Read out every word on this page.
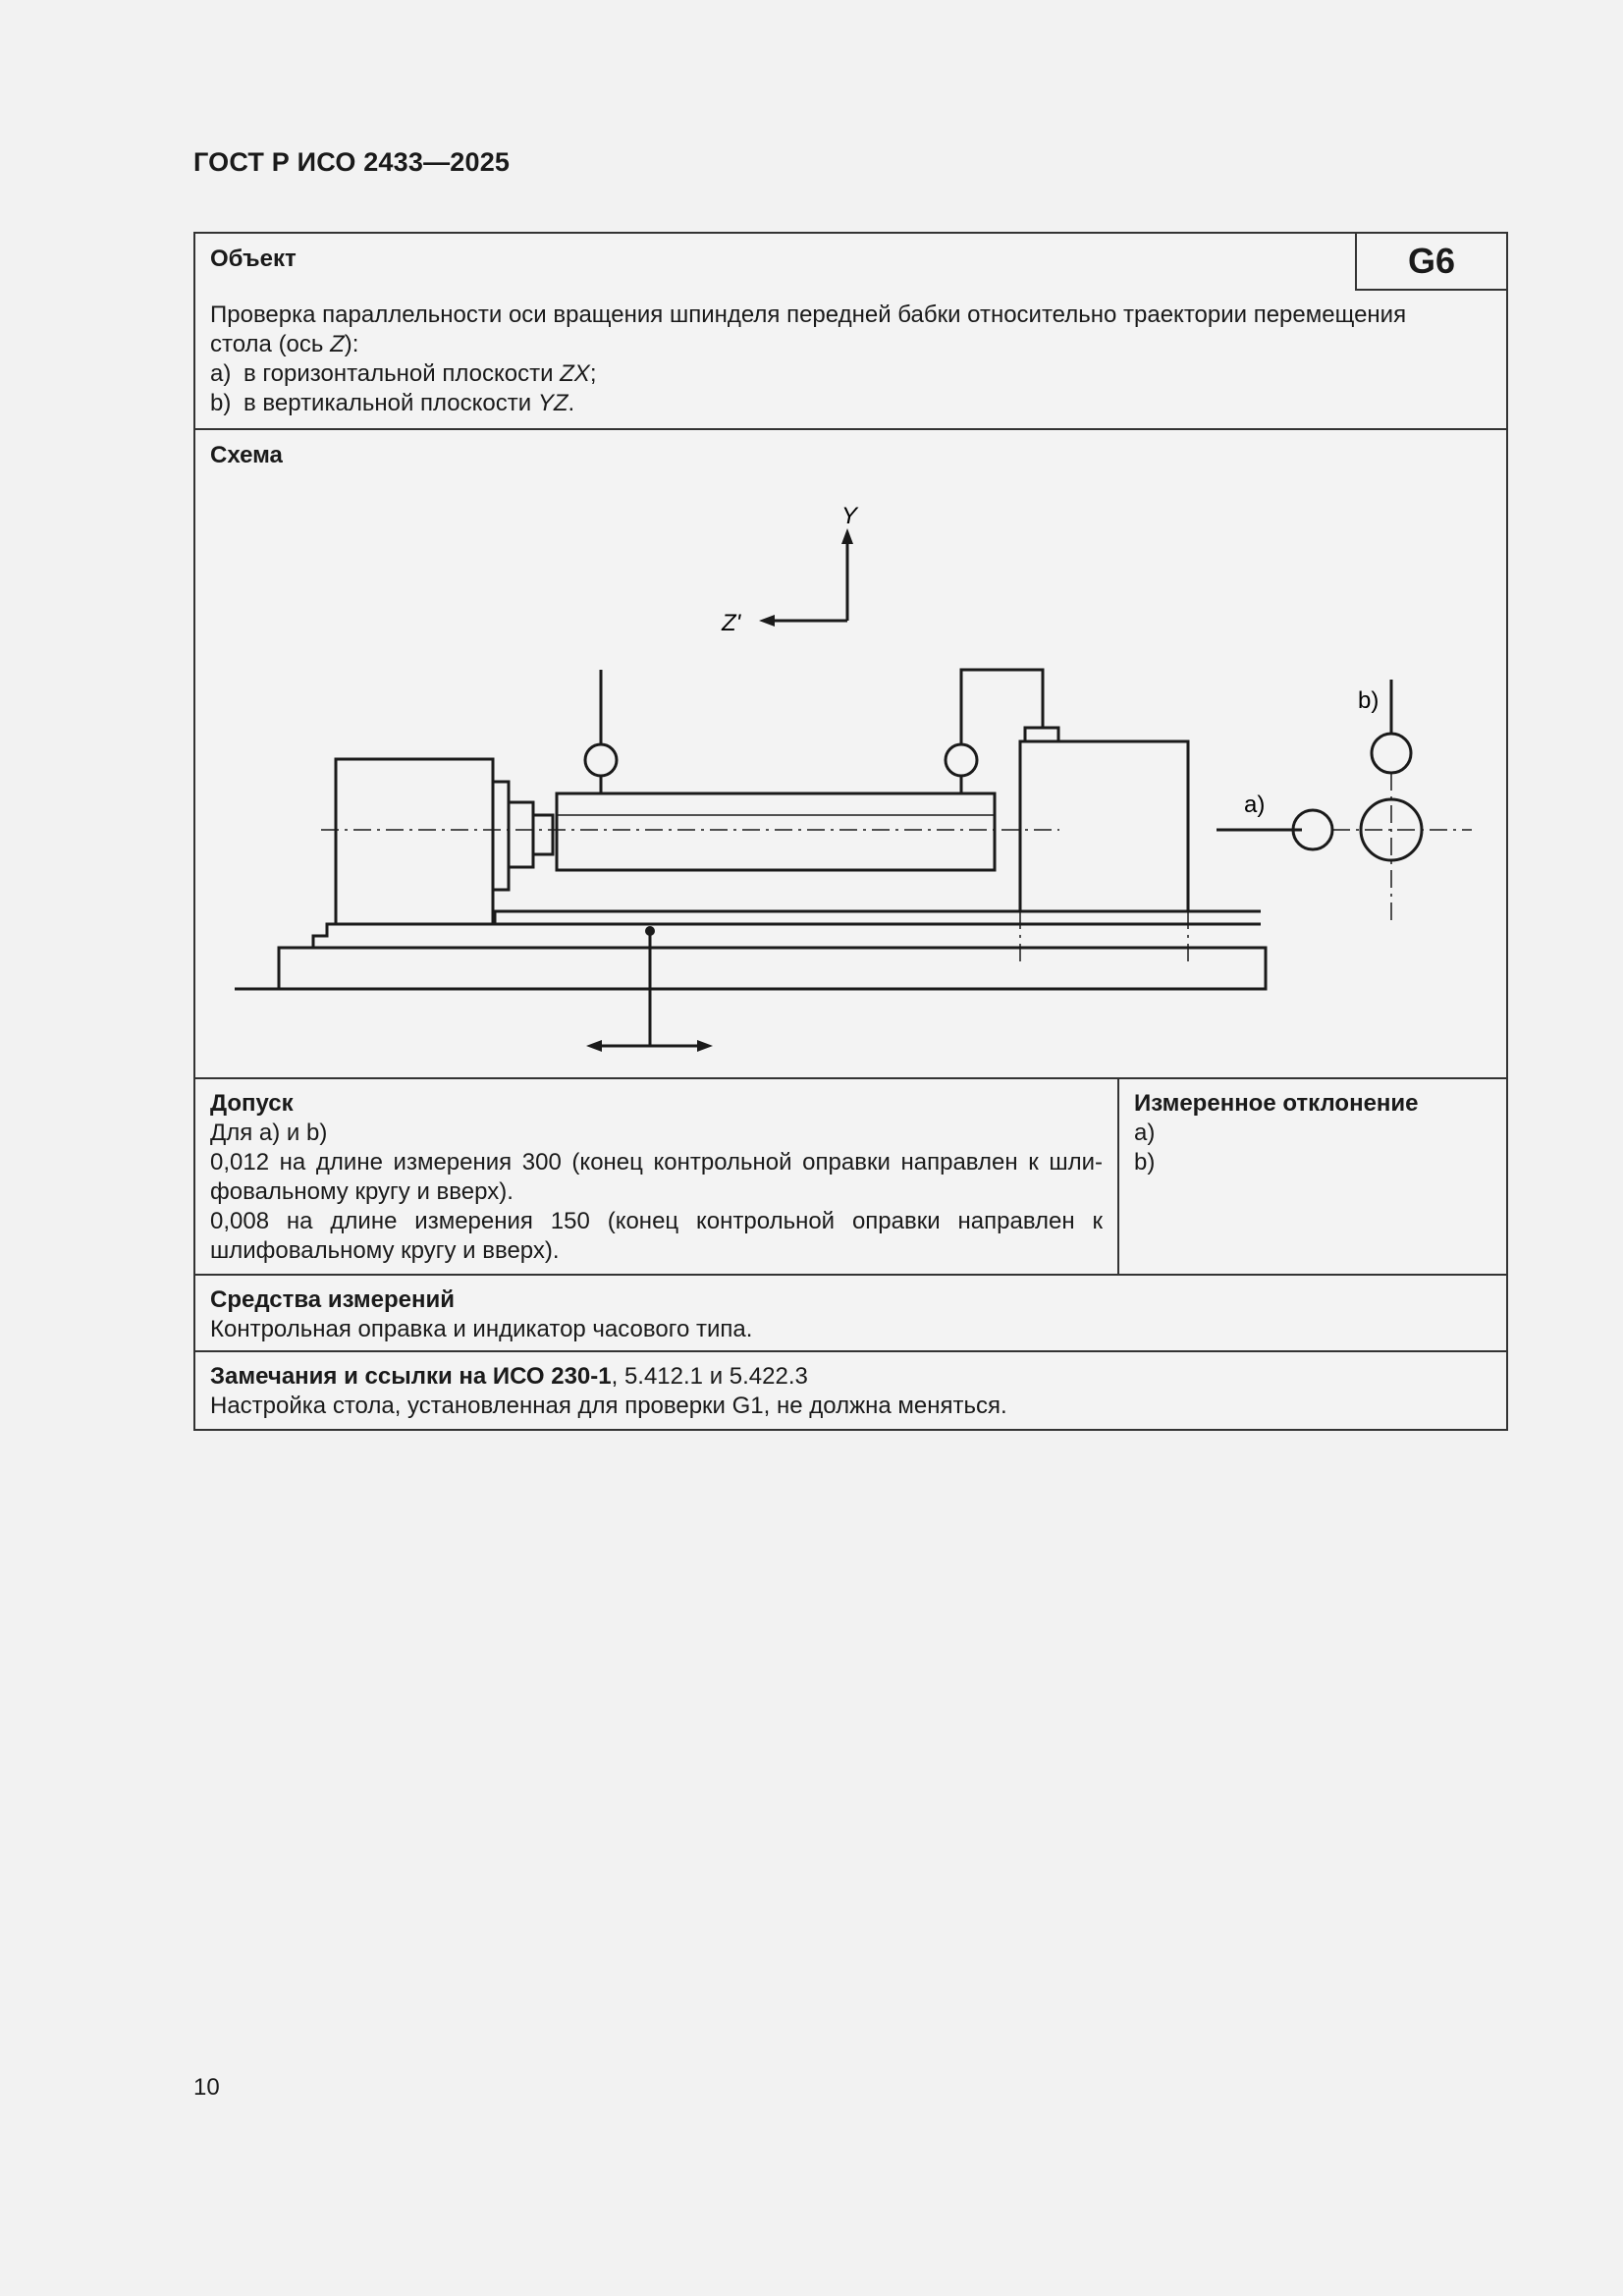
ГОСТ Р ИСО 2433—2025
Объект	G6
Проверка параллельности оси вращения шпинделя передней бабки относительно траектории перемещения
стола (ось Z):
a) в горизонтальной плоскости ZX;
b) в вертикальной плоскости YZ.
Схема
Y
Z'
a)
b)
Допуск
Для a) и b)
0,012 на длине измерения 300 (конец контрольной оправки направлен к шли-фовальному кругу и вверх).
0,008 на длине измерения 150 (конец контрольной оправки направлен к шлифовальному кругу и вверх).
Измеренное отклонение
a)
b)
Средства измерений
Контрольная оправка и индикатор часового типа.
Замечания и ссылки на ИСО 230-1, 5.412.1 и 5.422.3
Настройка стола, установленная для проверки G1, не должна меняться.
10
